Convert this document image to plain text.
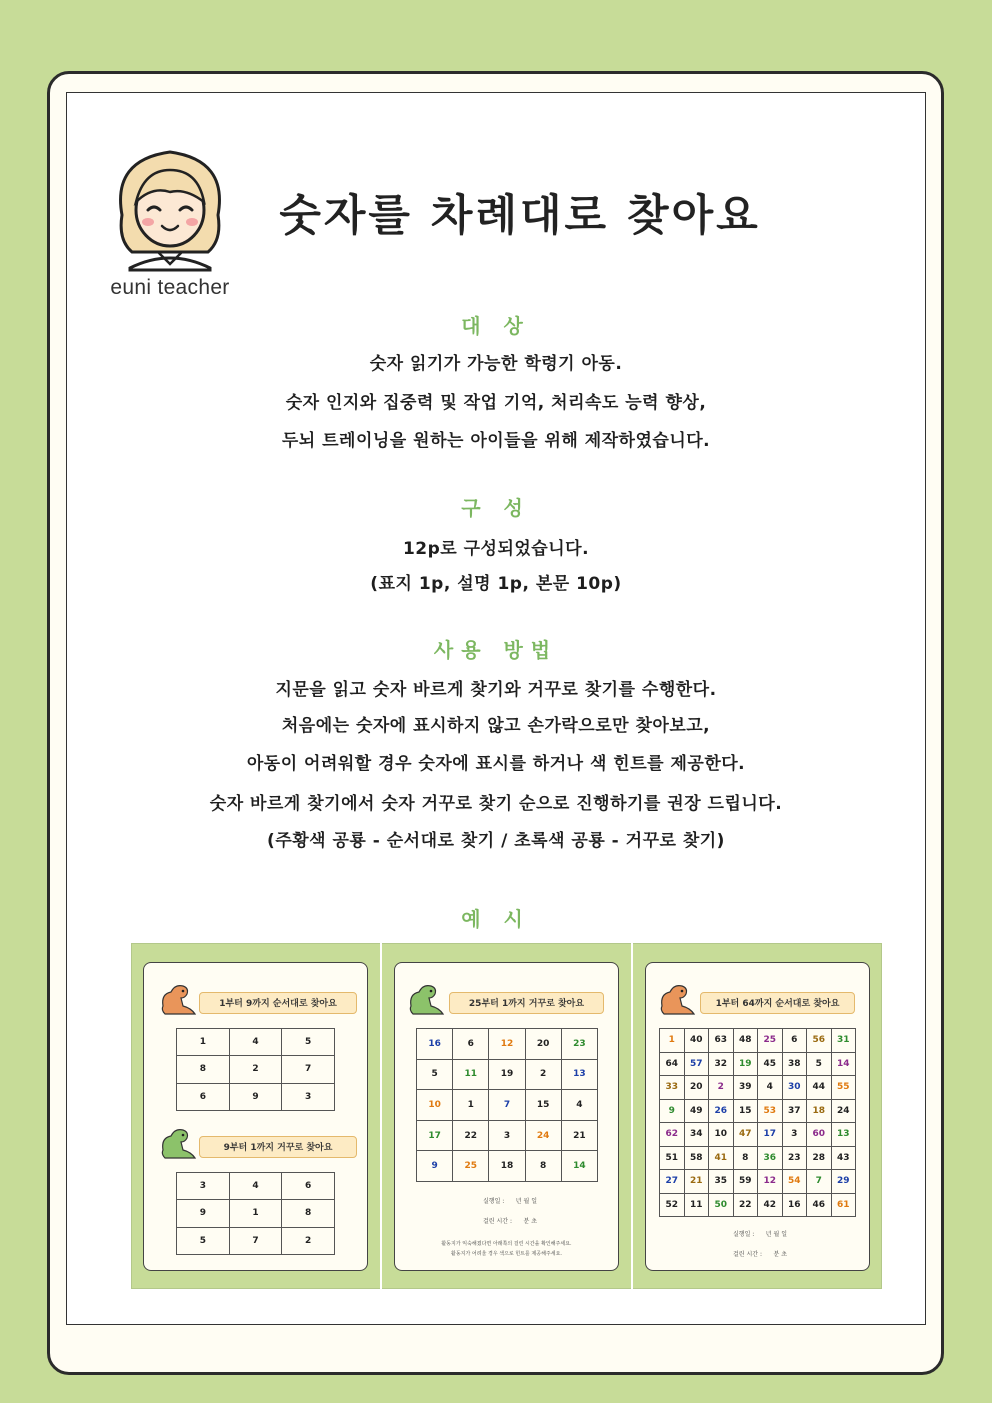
euni teacher
숫자를 차례대로 찾아요
대 상
숫자 읽기가 가능한 학령기 아동.
숫자 인지와 집중력 및 작업 기억, 처리속도 능력 향상,
두뇌 트레이닝을 원하는 아이들을 위해 제작하였습니다.
구 성
12p로 구성되었습니다.
(표지 1p, 설명 1p, 본문 10p)
사용 방법
지문을 읽고 숫자 바르게 찾기와 거꾸로 찾기를 수행한다.
처음에는 숫자에 표시하지 않고 손가락으로만 찾아보고,
아동이 어려워할 경우 숫자에 표시를 하거나 색 힌트를 제공한다.
숫자 바르게 찾기에서 숫자 거꾸로 찾기 순으로 진행하기를 권장 드립니다.
(주황색 공룡 - 순서대로 찾기 / 초록색 공룡 - 거꾸로 찾기)
예 시
1부터 9까지 순서대로 찾아요
1	4	5
8	2	7
6	9	3
9부터 1까지 거꾸로 찾아요
3	4	6
9	1	8
5	7	2
25부터 1까지 거꾸로 찾아요
16	6	12	20	23
5	11	19	2	13
10	1	7	15	4
17	22	3	24	21
9	25	18	8	14
실행일 : 년 월 일
걸린 시간 : 분 초
활동지가 익숙해졌다면 아래쪽의 걸린 시간을 확인해주세요.
활동지가 어려울 경우 색으로 힌트를 제공해주세요.
1부터 64까지 순서대로 찾아요
1	40	63	48	25	6	56	31
64	57	32	19	45	38	5	14
33	20	2	39	4	30	44	55
9	49	26	15	53	37	18	24
62	34	10	47	17	3	60	13
51	58	41	8	36	23	28	43
27	21	35	59	12	54	7	29
52	11	50	22	42	16	46	61
실행일 : 년 월 일
걸린 시간 : 분 초
